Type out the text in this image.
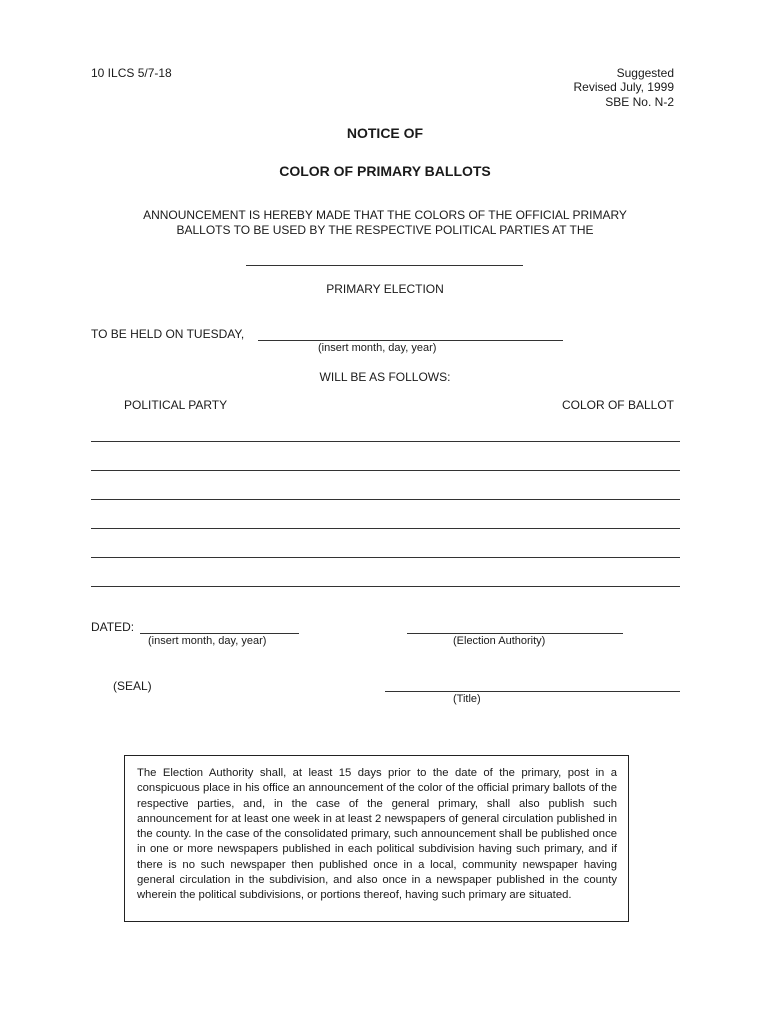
10 ILCS 5/7-18	Suggested
Revised July, 1999
SBE No. N-2
NOTICE OF
COLOR OF PRIMARY BALLOTS
ANNOUNCEMENT IS HEREBY MADE THAT THE COLORS OF THE OFFICIAL PRIMARY
BALLOTS TO BE USED BY THE RESPECTIVE POLITICAL PARTIES AT THE
PRIMARY ELECTION
TO BE HELD ON TUESDAY,
(insert month, day, year)
WILL BE AS FOLLOWS:
POLITICAL PARTY	COLOR OF BALLOT
DATED:
(insert month, day, year)	(Election Authority)
(SEAL)
(Title)
The Election Authority shall, at least 15 days prior to the date of the primary, post in a conspicuous place in his office an announcement of the color of the official primary ballots of the respective parties, and, in the case of the general primary, shall also publish such announcement for at least one week in at least 2 newspapers of general circulation published in the county. In the case of the consolidated primary, such announcement shall be published once in one or more newspapers published in each political subdivision having such primary, and if there is no such newspaper then published once in a local, community newspaper having general circulation in the subdivision, and also once in a newspaper published in the county wherein the political subdivisions, or portions thereof, having such primary are situated.
